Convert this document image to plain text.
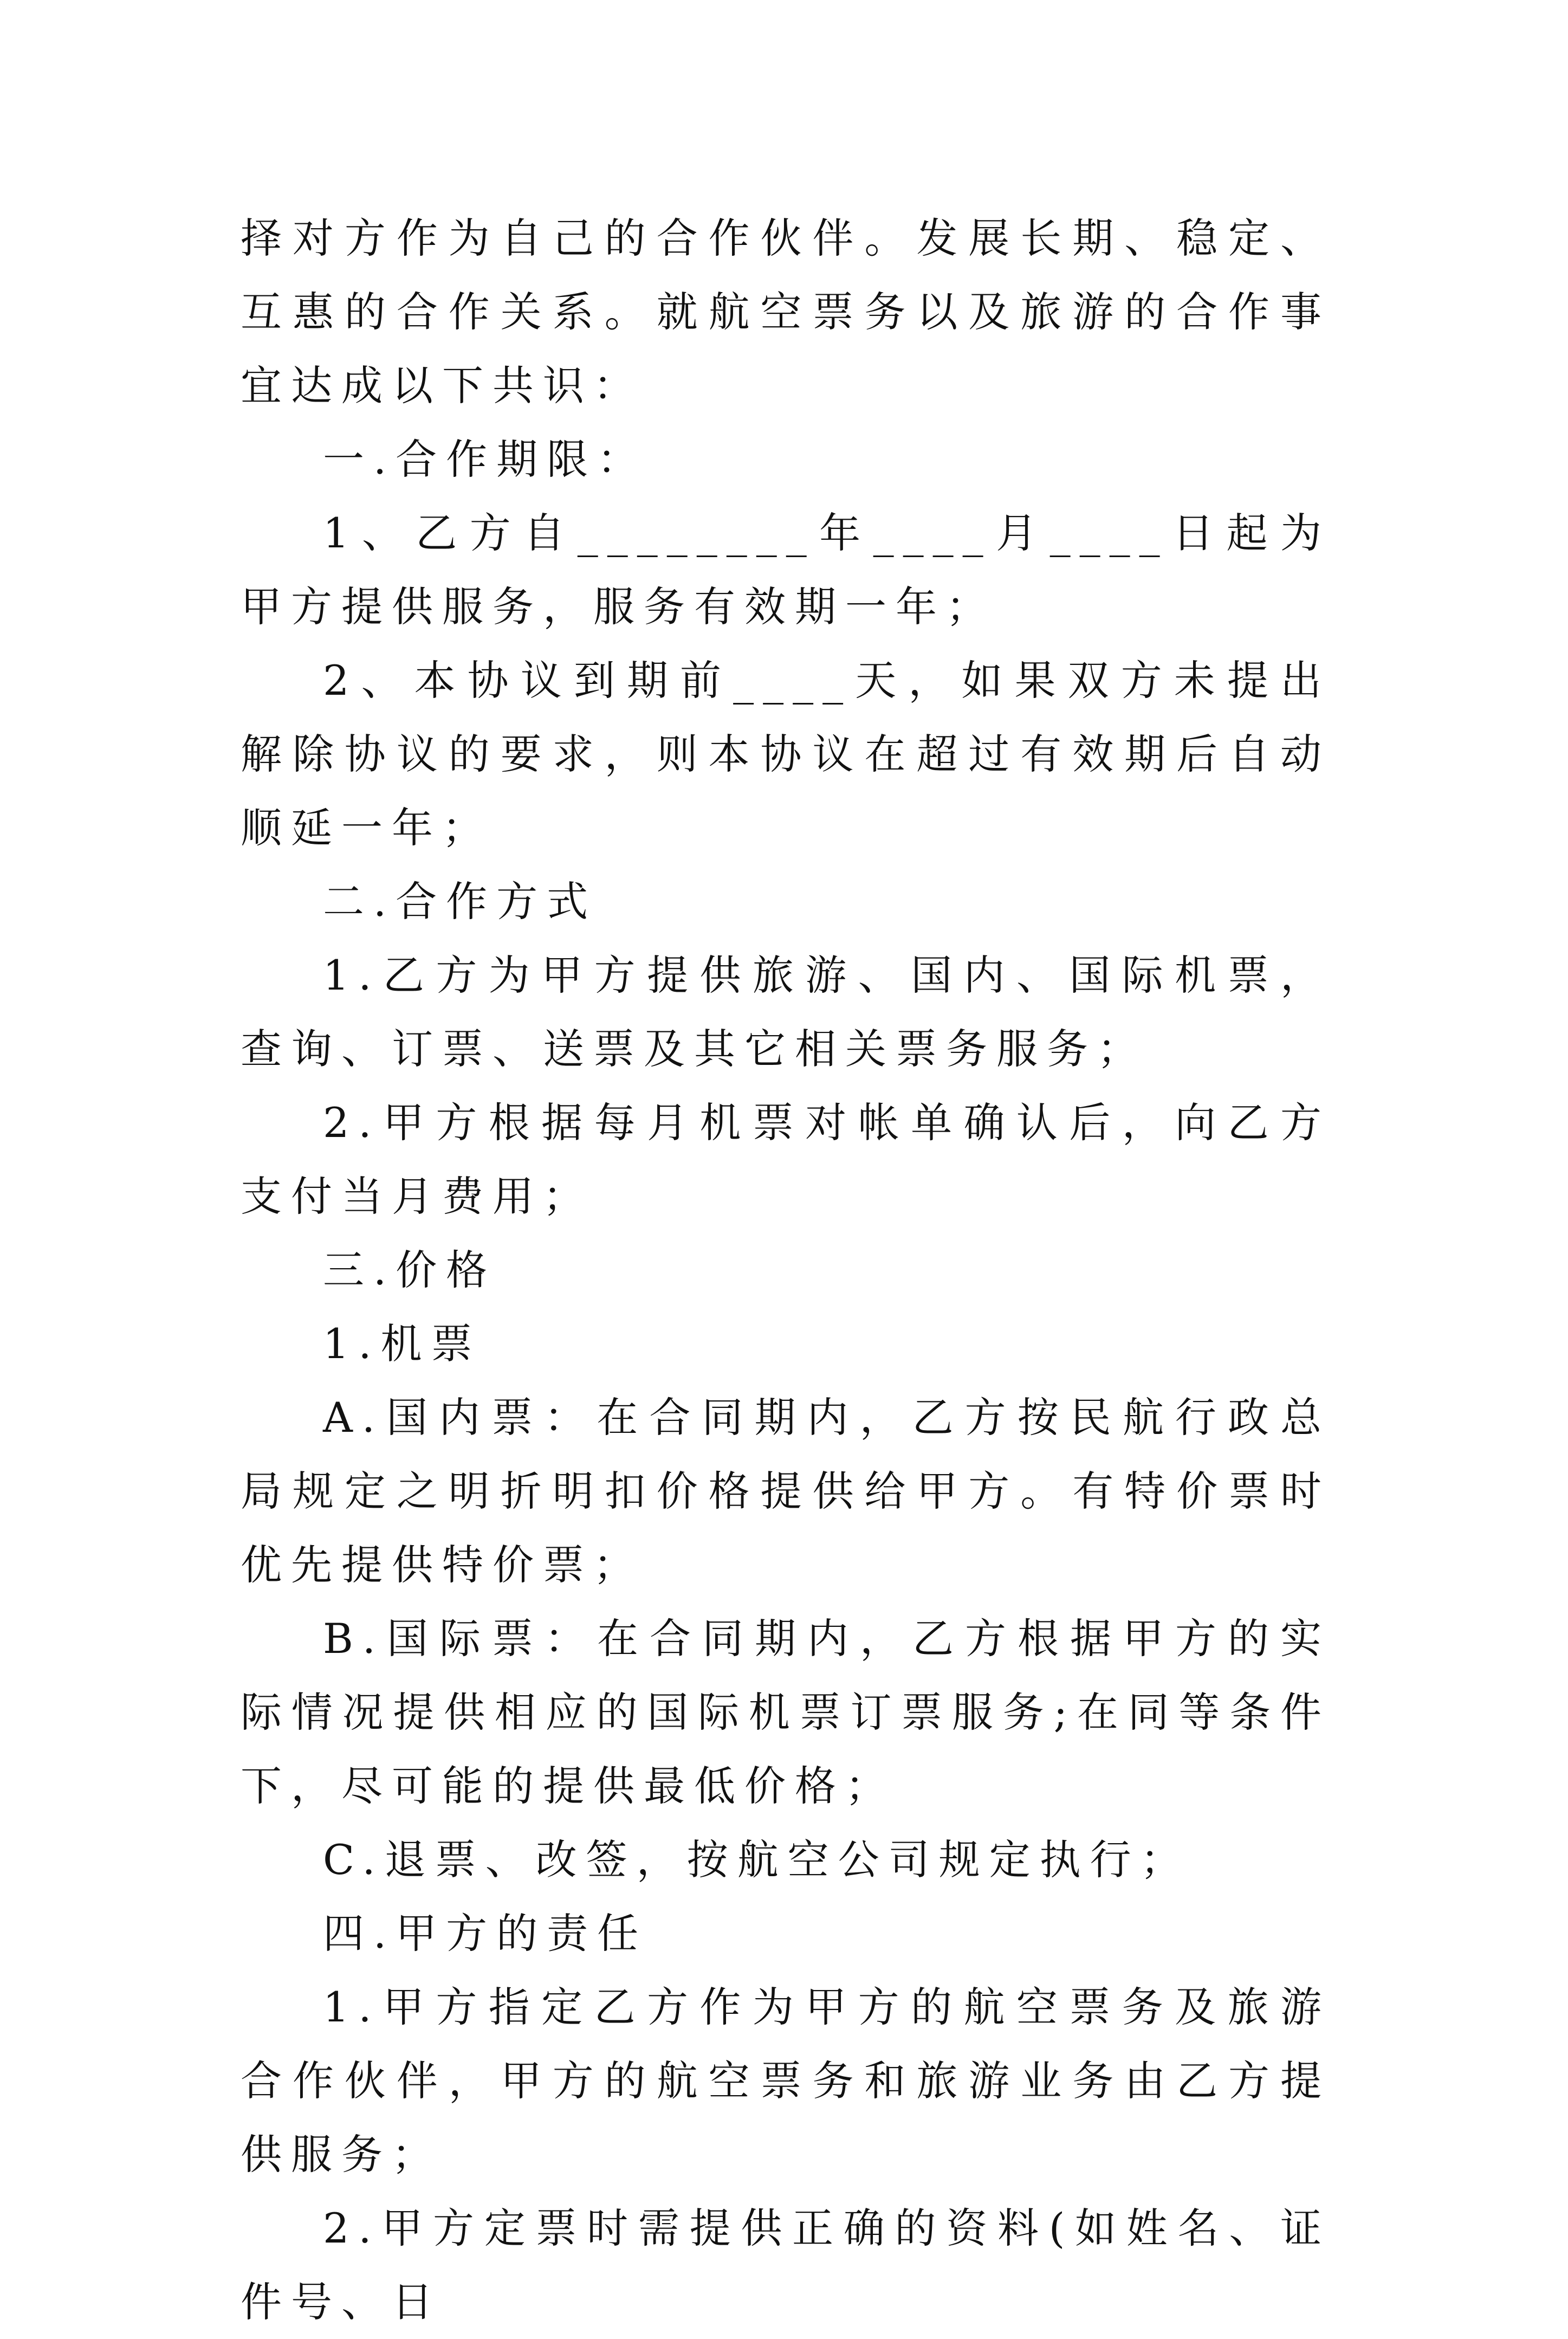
择对方作为自己的合作伙伴。发展长期、稳定、互惠的合作关系。就航空票务以及旅游的合作事宜达成以下共识：

一.合作期限：

1、乙方自________年____月____日起为甲方提供服务，服务有效期一年；

2、本协议到期前____天，如果双方未提出解除协议的要求，则本协议在超过有效期后自动顺延一年；

二.合作方式

1.乙方为甲方提供旅游、国内、国际机票，查询、订票、送票及其它相关票务服务；

2.甲方根据每月机票对帐单确认后，向乙方支付当月费用；

三.价格

1.机票

A.国内票：在合同期内，乙方按民航行政总局规定之明折明扣价格提供给甲方。有特价票时优先提供特价票；

B.国际票：在合同期内，乙方根据甲方的实际情况提供相应的国际机票订票服务;在同等条件下，尽可能的提供最低价格；

C.退票、改签，按航空公司规定执行；

四.甲方的责任

1.甲方指定乙方作为甲方的航空票务及旅游合作伙伴，甲方的航空票务和旅游业务由乙方提供服务；

2.甲方定票时需提供正确的资料(如姓名、证件号、日
